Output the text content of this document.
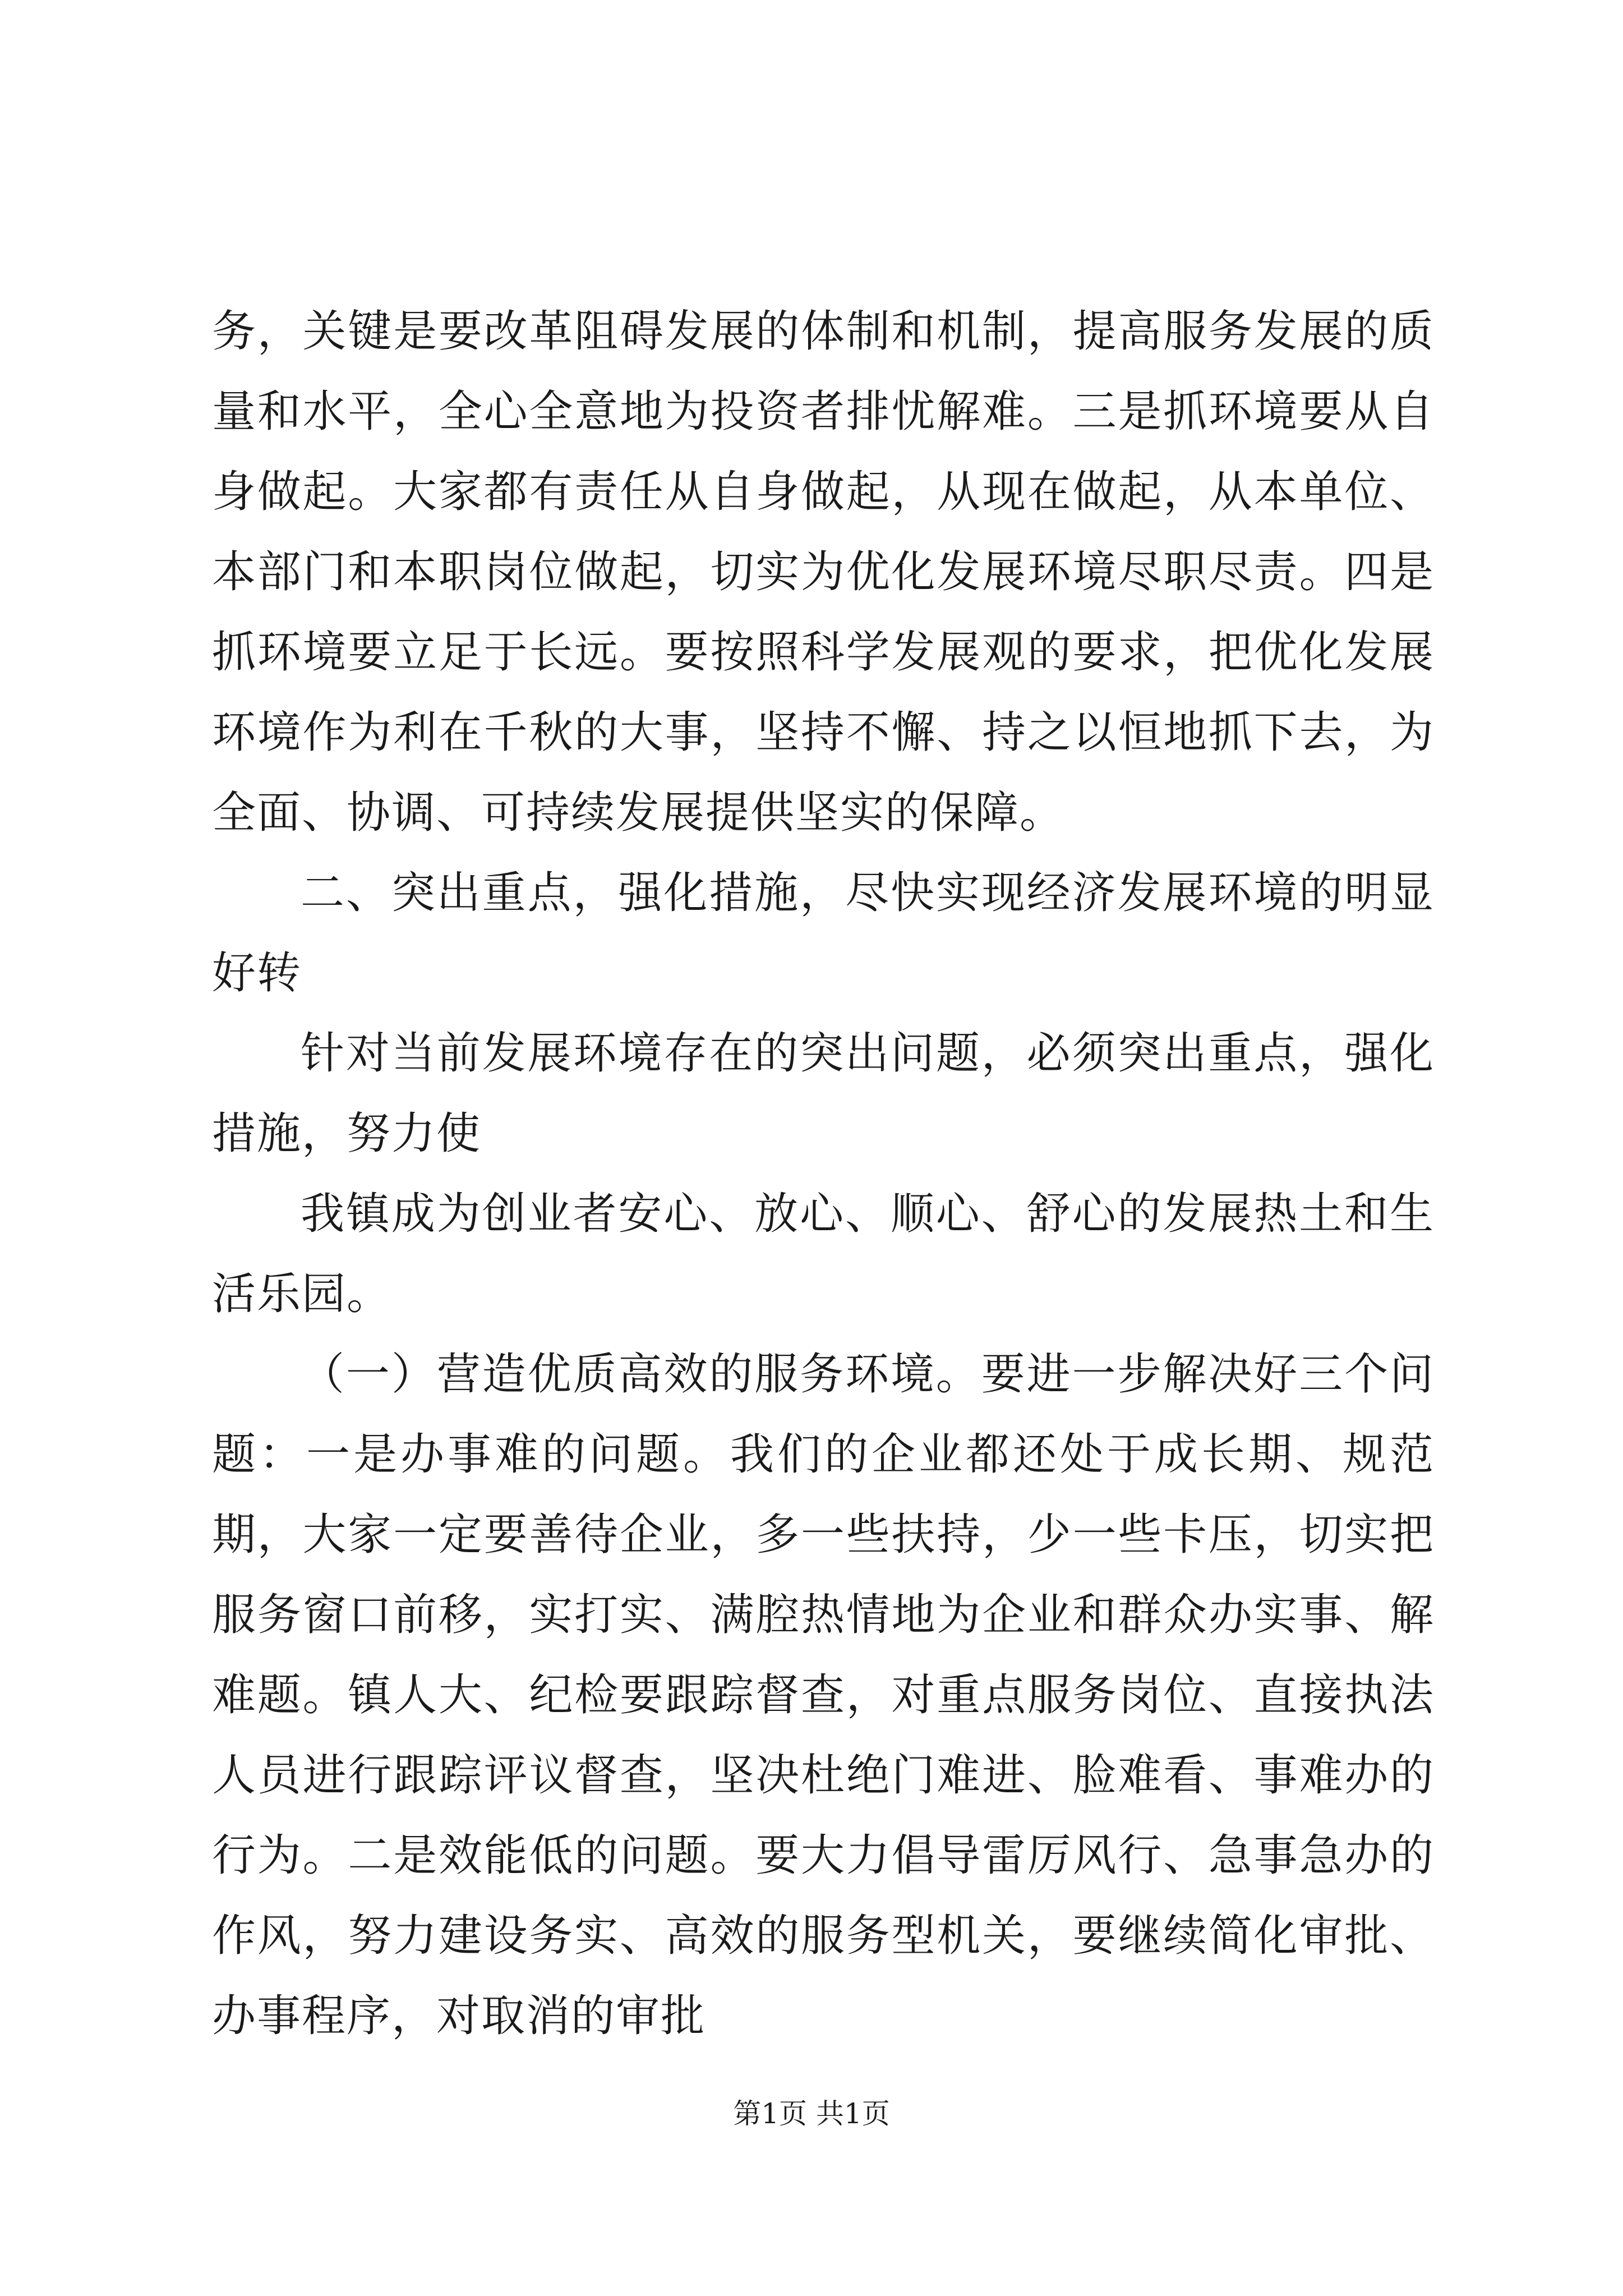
务，关键是要改革阻碍发展的体制和机制，提高服务发展的质量和水平，全心全意地为投资者排忧解难。三是抓环境要从自身做起。大家都有责任从自身做起，从现在做起，从本单位、本部门和本职岗位做起，切实为优化发展环境尽职尽责。四是抓环境要立足于长远。要按照科学发展观的要求，把优化发展环境作为利在千秋的大事，坚持不懈、持之以恒地抓下去，为全面、协调、可持续发展提供坚实的保障。

二、突出重点，强化措施，尽快实现经济发展环境的明显好转

针对当前发展环境存在的突出问题，必须突出重点，强化措施，努力使

我镇成为创业者安心、放心、顺心、舒心的发展热土和生活乐园。

（一）营造优质高效的服务环境。要进一步解决好三个问题：一是办事难的问题。我们的企业都还处于成长期、规范期，大家一定要善待企业，多一些扶持，少一些卡压，切实把服务窗口前移，实打实、满腔热情地为企业和群众办实事、解难题。镇人大、纪检要跟踪督查，对重点服务岗位、直接执法人员进行跟踪评议督查，坚决杜绝门难进、脸难看、事难办的行为。二是效能低的问题。要大力倡导雷厉风行、急事急办的作风，努力建设务实、高效的服务型机关，要继续简化审批、办事程序，对取消的审批

第1页 共1页
